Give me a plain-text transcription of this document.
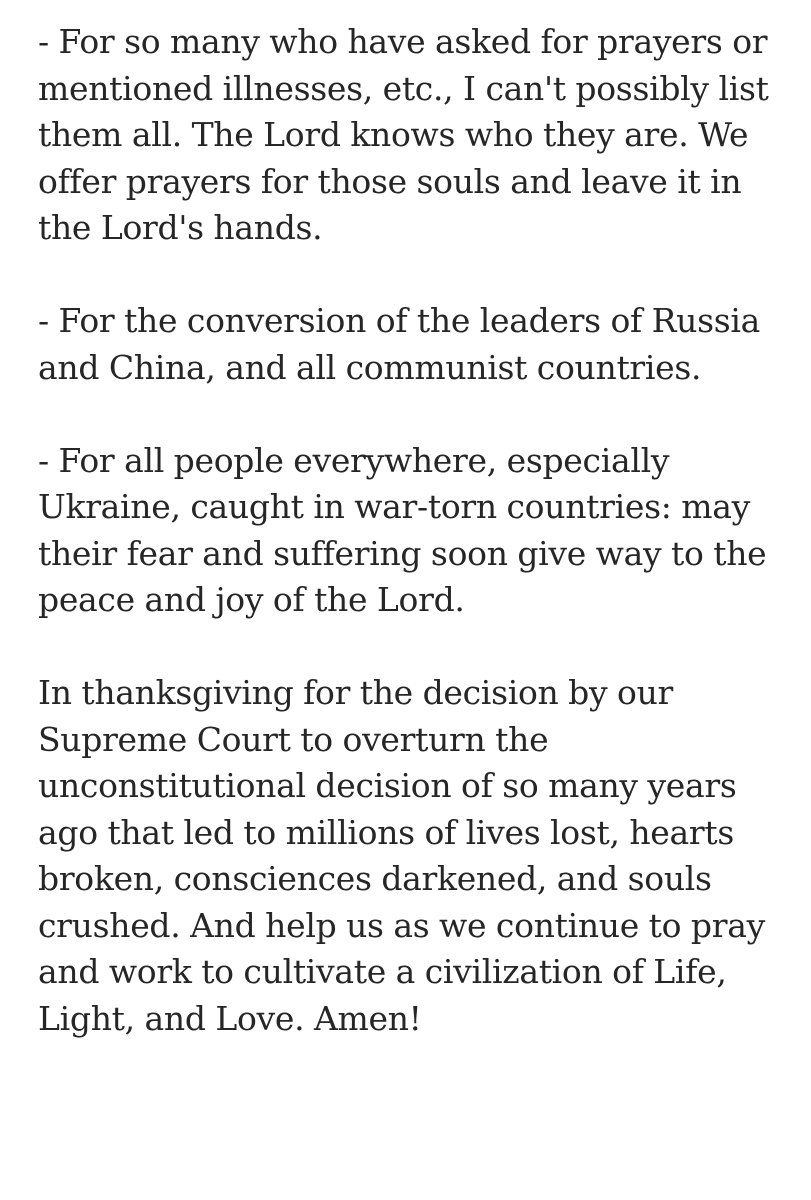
- For so many who have asked for prayers or
mentioned illnesses, etc., I can't possibly list
them all. The Lord knows who they are. We
offer prayers for those souls and leave it in
the Lord's hands.

- For the conversion of the leaders of Russia
and China, and all communist countries.

- For all people everywhere, especially
Ukraine, caught in war-torn countries: may
their fear and suffering soon give way to the
peace and joy of the Lord.

In thanksgiving for the decision by our
Supreme Court to overturn the
unconstitutional decision of so many years
ago that led to millions of lives lost, hearts
broken, consciences darkened, and souls
crushed. And help us as we continue to pray
and work to cultivate a civilization of Life,
Light, and Love. Amen!
